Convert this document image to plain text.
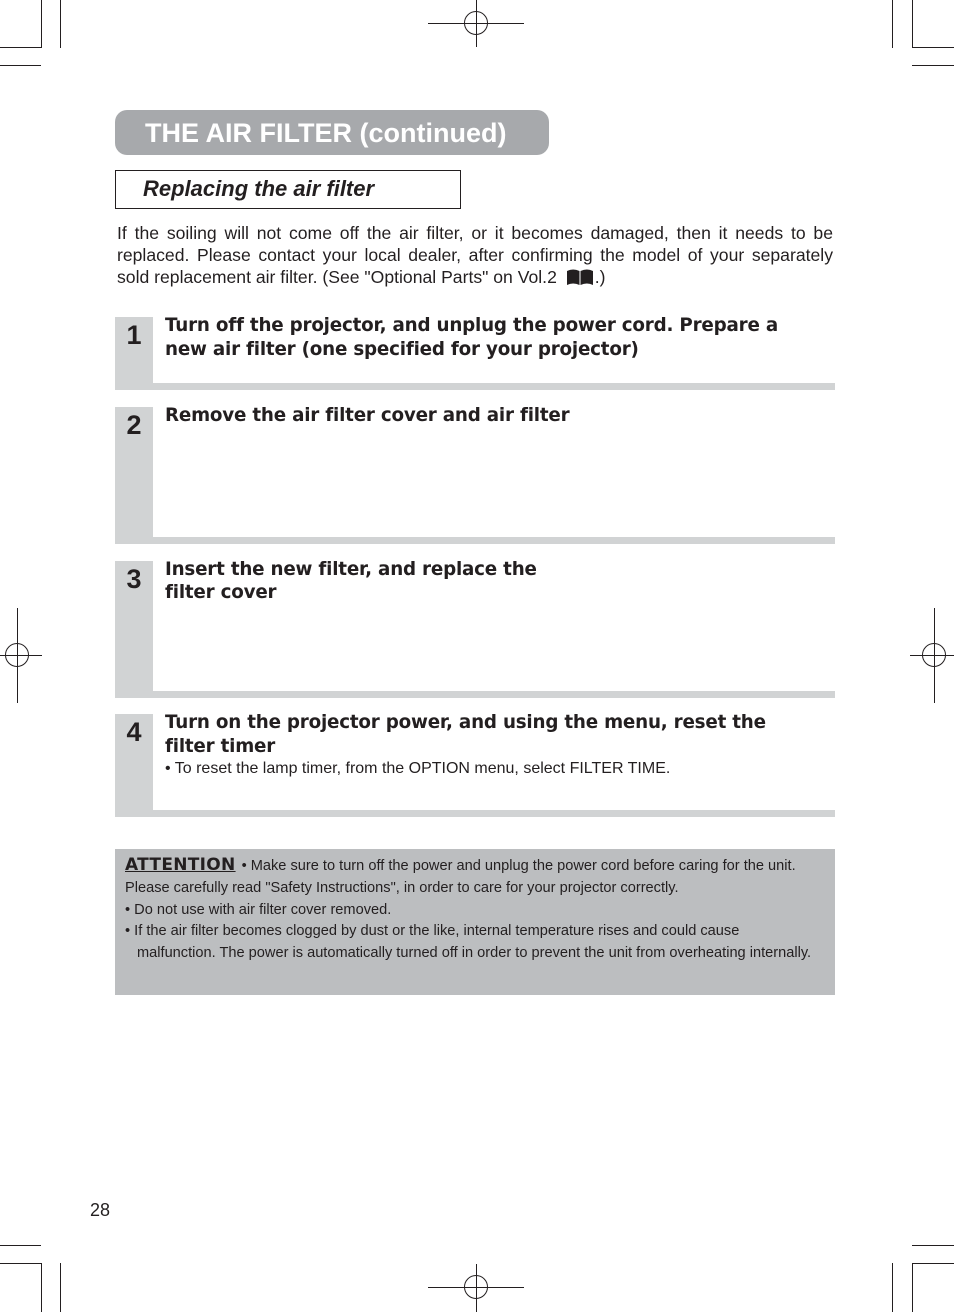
THE AIR FILTER (continued)
Replacing the air filter
If the soiling will not come off the air filter, or it becomes damaged, then it needs to be replaced. Please contact your local dealer, after confirming the model of your separately sold replacement air filter. (See "Optional Parts" on Vol.2 .)
1	Turn off the projector, and unplug the power cord. Prepare a
new air filter (one specified for your projector)
2	Remove the air filter cover and air filter
3	Insert the new filter, and replace the
filter cover
4	Turn on the projector power, and using the menu, reset the
filter timer
• To reset the lamp timer, from the OPTION menu, select FILTER TIME.
ATTENTION • Make sure to turn off the power and unplug the power cord before caring for the unit. Please carefully read "Safety Instructions", in order to care for your projector correctly.
• Do not use with air filter cover removed.
• If the air filter becomes clogged by dust or the like, internal temperature rises and could cause malfunction. The power is automatically turned off in order to prevent the unit from overheating internally.
28
